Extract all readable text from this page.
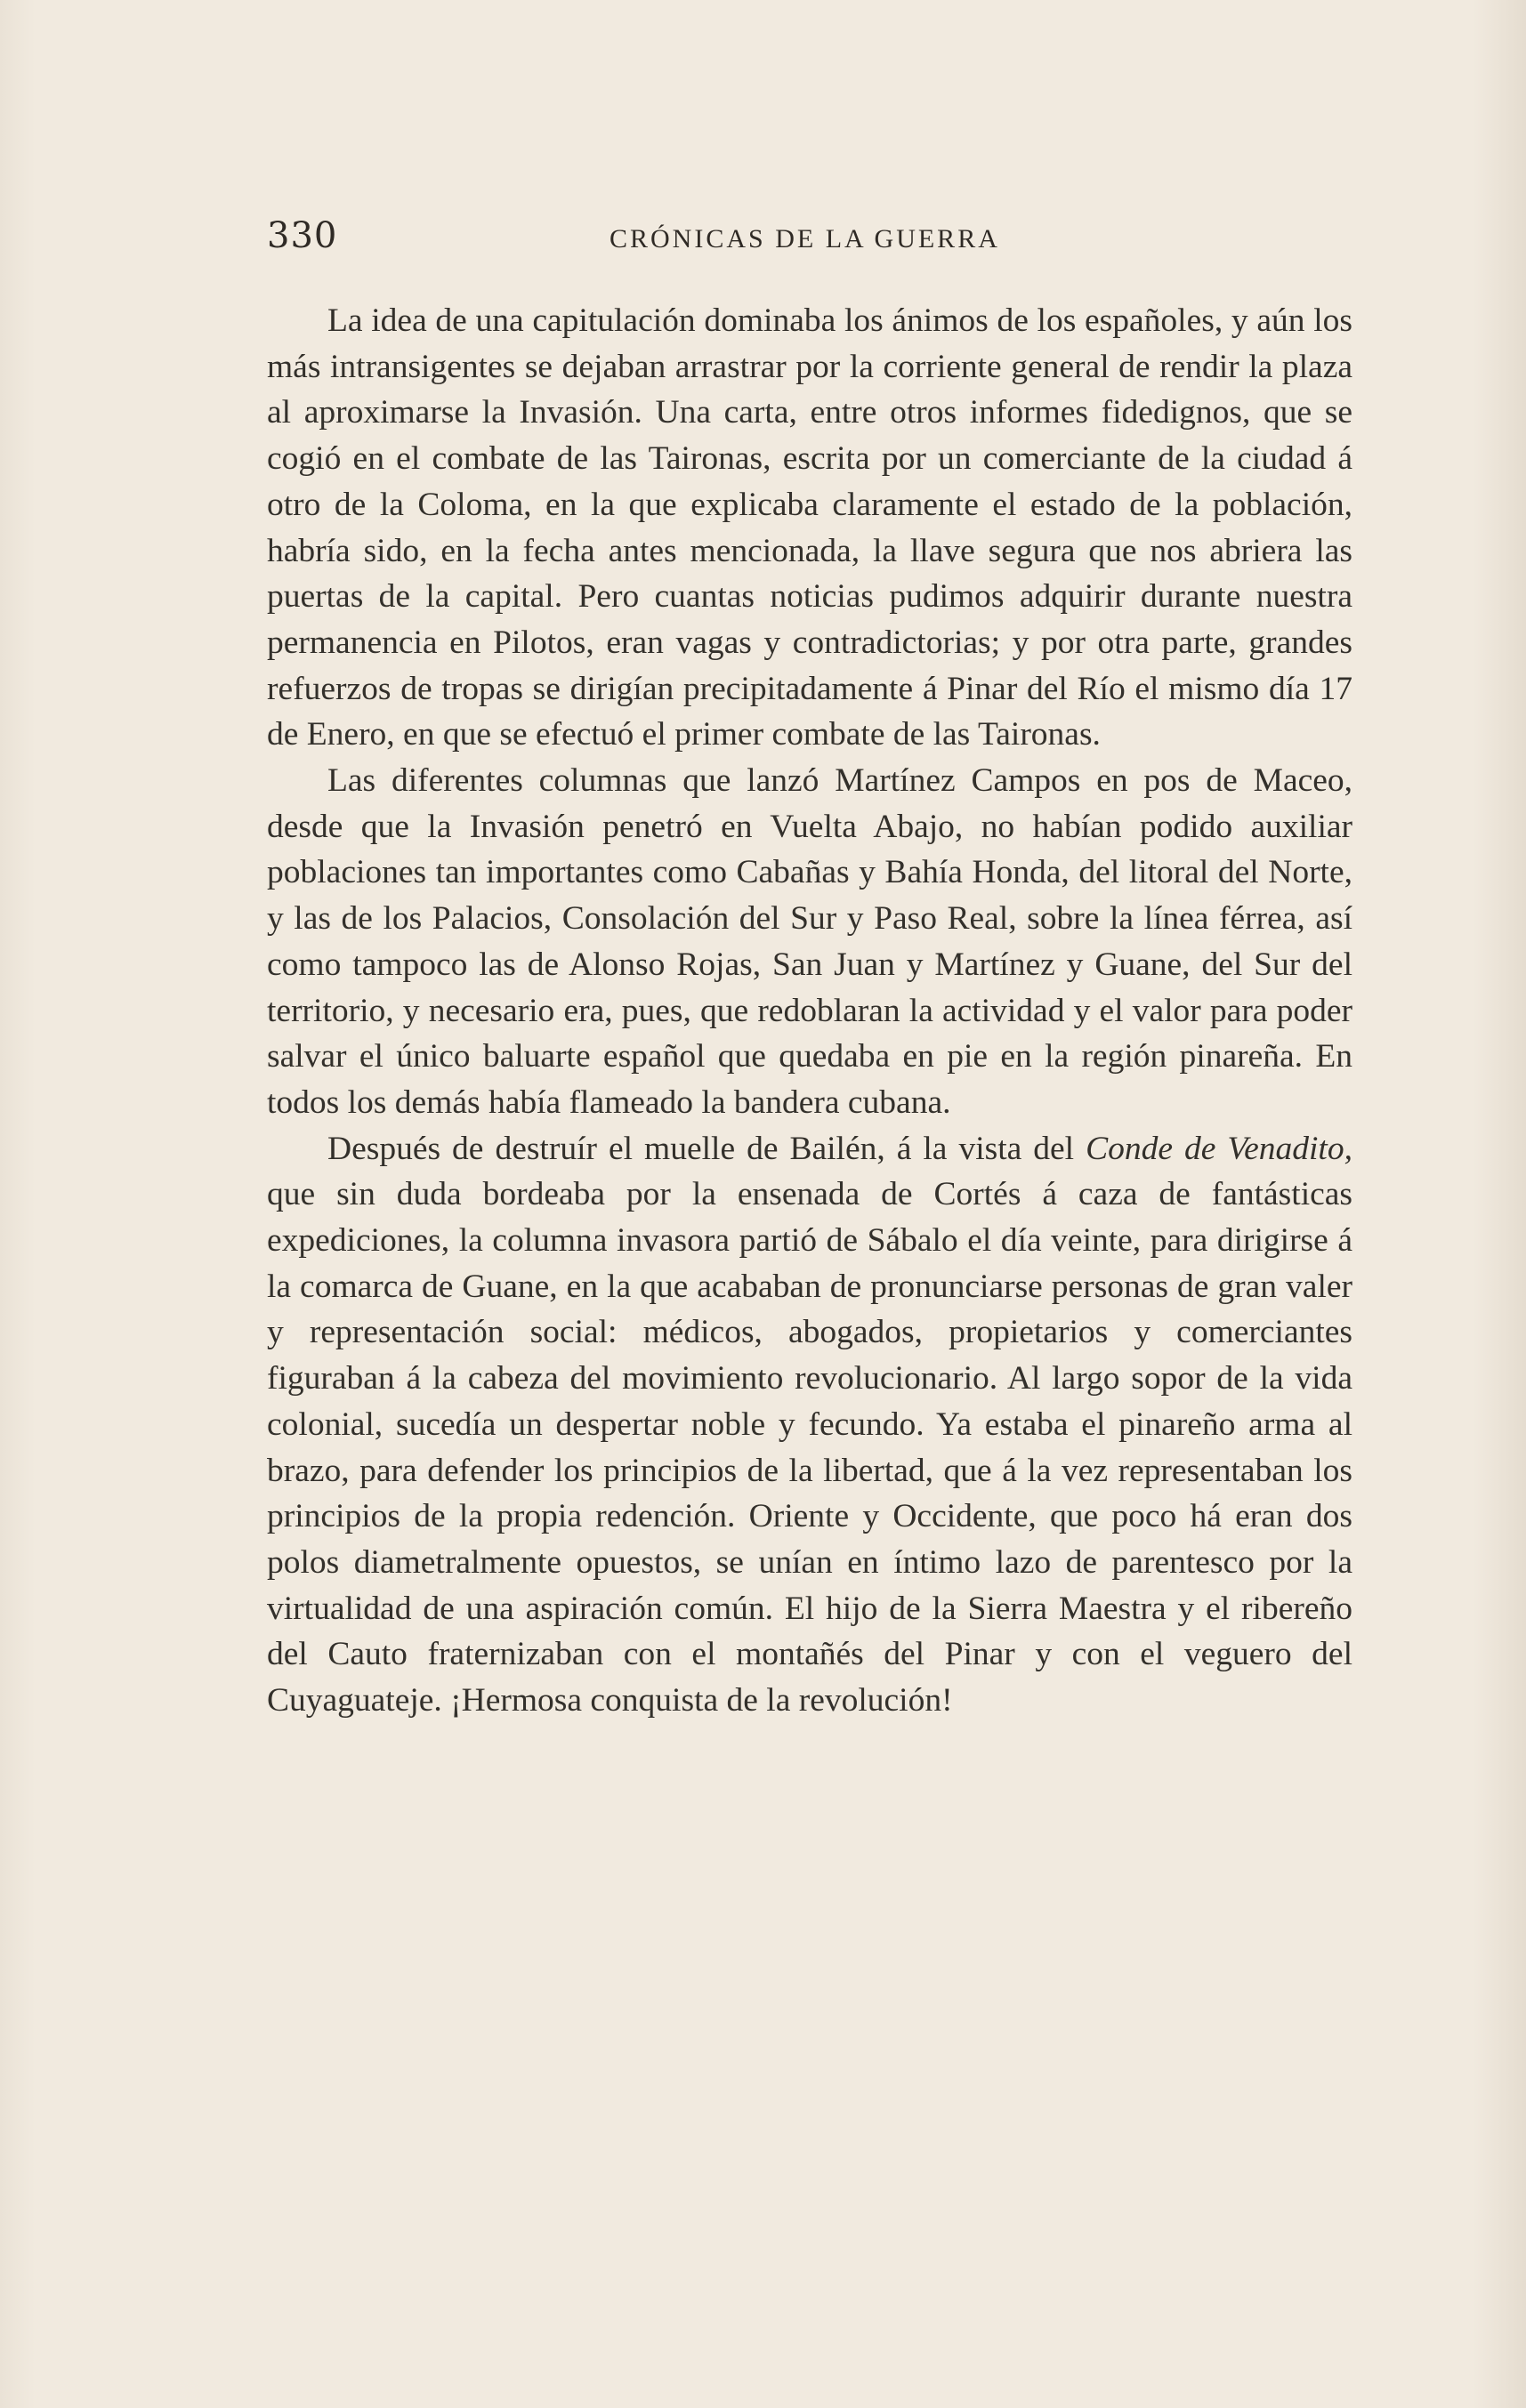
330	CRÓNICAS DE LA GUERRA

La idea de una capitulación dominaba los ánimos de los españoles, y aún los más intransigentes se dejaban arrastrar por la corriente general de rendir la plaza al aproximarse la Invasión. Una carta, entre otros informes fidedignos, que se cogió en el combate de las Taironas, escrita por un comerciante de la ciudad á otro de la Coloma, en la que explicaba claramente el estado de la población, habría sido, en la fecha antes mencionada, la llave segura que nos abriera las puertas de la capital. Pero cuantas noticias pudimos adquirir durante nuestra permanencia en Pilotos, eran vagas y contradictorias; y por otra parte, grandes refuerzos de tropas se dirigían precipitadamente á Pinar del Río el mismo día 17 de Enero, en que se efectuó el primer combate de las Taironas.

Las diferentes columnas que lanzó Martínez Campos en pos de Maceo, desde que la Invasión penetró en Vuelta Abajo, no habían podido auxiliar poblaciones tan importantes como Cabañas y Bahía Honda, del litoral del Norte, y las de los Palacios, Consolación del Sur y Paso Real, sobre la línea férrea, así como tampoco las de Alonso Rojas, San Juan y Martínez y Guane, del Sur del territorio, y necesario era, pues, que redoblaran la actividad y el valor para poder salvar el único baluarte español que quedaba en pie en la región pinareña. En todos los demás había flameado la bandera cubana.

Después de destruír el muelle de Bailén, á la vista del Conde de Venadito, que sin duda bordeaba por la ensenada de Cortés á caza de fantásticas expediciones, la columna invasora partió de Sábalo el día veinte, para dirigirse á la comarca de Guane, en la que acababan de pronunciarse personas de gran valer y representación social: médicos, abogados, propietarios y comerciantes figuraban á la cabeza del movimiento revolucionario. Al largo sopor de la vida colonial, sucedía un despertar noble y fecundo. Ya estaba el pinareño arma al brazo, para defender los principios de la libertad, que á la vez representaban los principios de la propia redención. Oriente y Occidente, que poco há eran dos polos diametralmente opuestos, se unían en íntimo lazo de parentesco por la virtualidad de una aspiración común. El hijo de la Sierra Maestra y el ribereño del Cauto fraternizaban con el montañés del Pinar y con el veguero del Cuyaguateje. ¡Hermosa conquista de la revolución!
